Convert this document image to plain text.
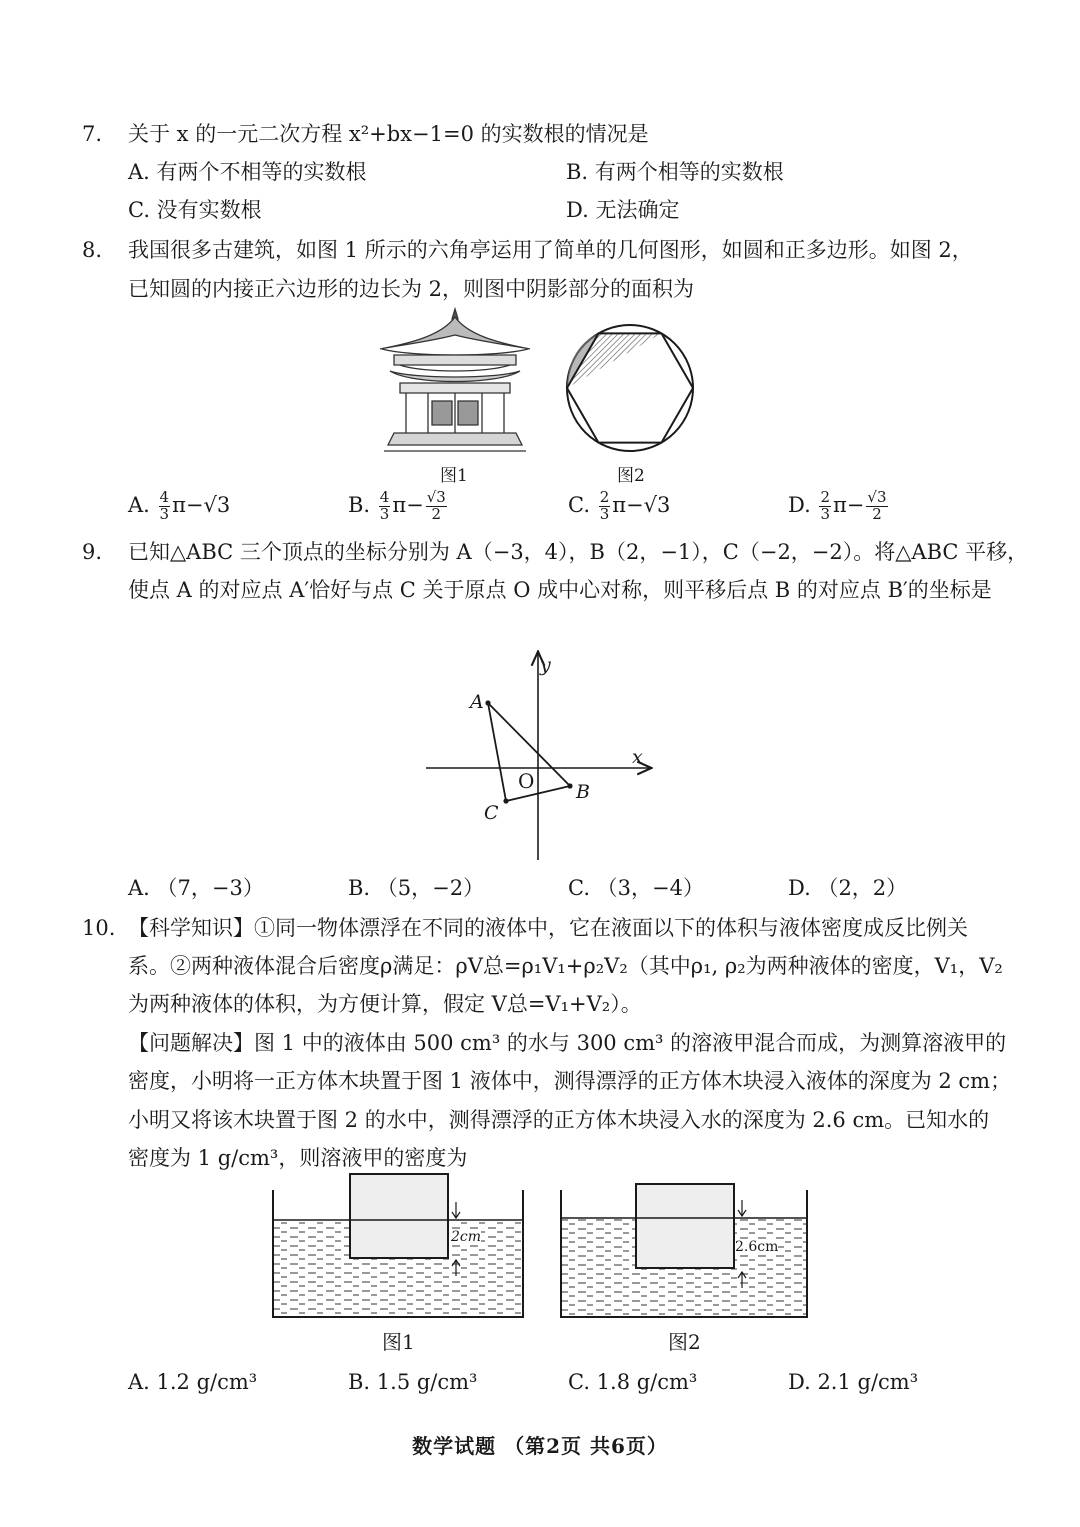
7. 关于 x 的一元二次方程 x²+bx−1=0 的实数根的情况是
A. 有两个不相等的实数根	B. 有两个相等的实数根
C. 没有实数根	D. 无法确定
8. 我国很多古建筑，如图 1 所示的六角亭运用了简单的几何图形，如圆和正多边形。如图 2，
已知圆的内接正六边形的边长为 2，则图中阴影部分的面积为
图1	图2
A. $\frac{4}{3} \pi-√3$	B. $\frac{4}{3} \pi- \frac{√3}{2}$	C. $\frac{2}{3} \pi-√3$	D. $\frac{2}{3} \pi- \frac{√3}{2}$
9. 已知△ABC 三个顶点的坐标分别为 A（−3，4），B（2，−1），C（−2，−2）。将△ABC 平移，
使点 A 的对应点 A′恰好与点 C 关于原点 O 成中心对称，则平移后点 B 的对应点 B′的坐标是
y
x
A
B
C
O
A. （7，−3）	B. （5，−2）	C. （3，−4）	D. （2，2）
10. 【科学知识】①同一物体漂浮在不同的液体中，它在液面以下的体积与液体密度成反比例关
系。②两种液体混合后密度ρ满足：ρV总=ρ₁V₁+ρ₂V₂（其中ρ₁, ρ₂为两种液体的密度，V₁，V₂
为两种液体的体积，为方便计算，假定 V总=V₁+V₂）。
【问题解决】图 1 中的液体由 500 cm³ 的水与 300 cm³ 的溶液甲混合而成，为测算溶液甲的
密度，小明将一正方体木块置于图 1 液体中，测得漂浮的正方体木块浸入液体的深度为 2 cm；
小明又将该木块置于图 2 的水中，测得漂浮的正方体木块浸入水的深度为 2.6 cm。已知水的
密度为 1 g/cm³，则溶液甲的密度为
2cm
图1
2.6cm
图2
A. 1.2 g/cm³	B. 1.5 g/cm³	C. 1.8 g/cm³	D. 2.1 g/cm³
数学试题 （第2页 共6页）
